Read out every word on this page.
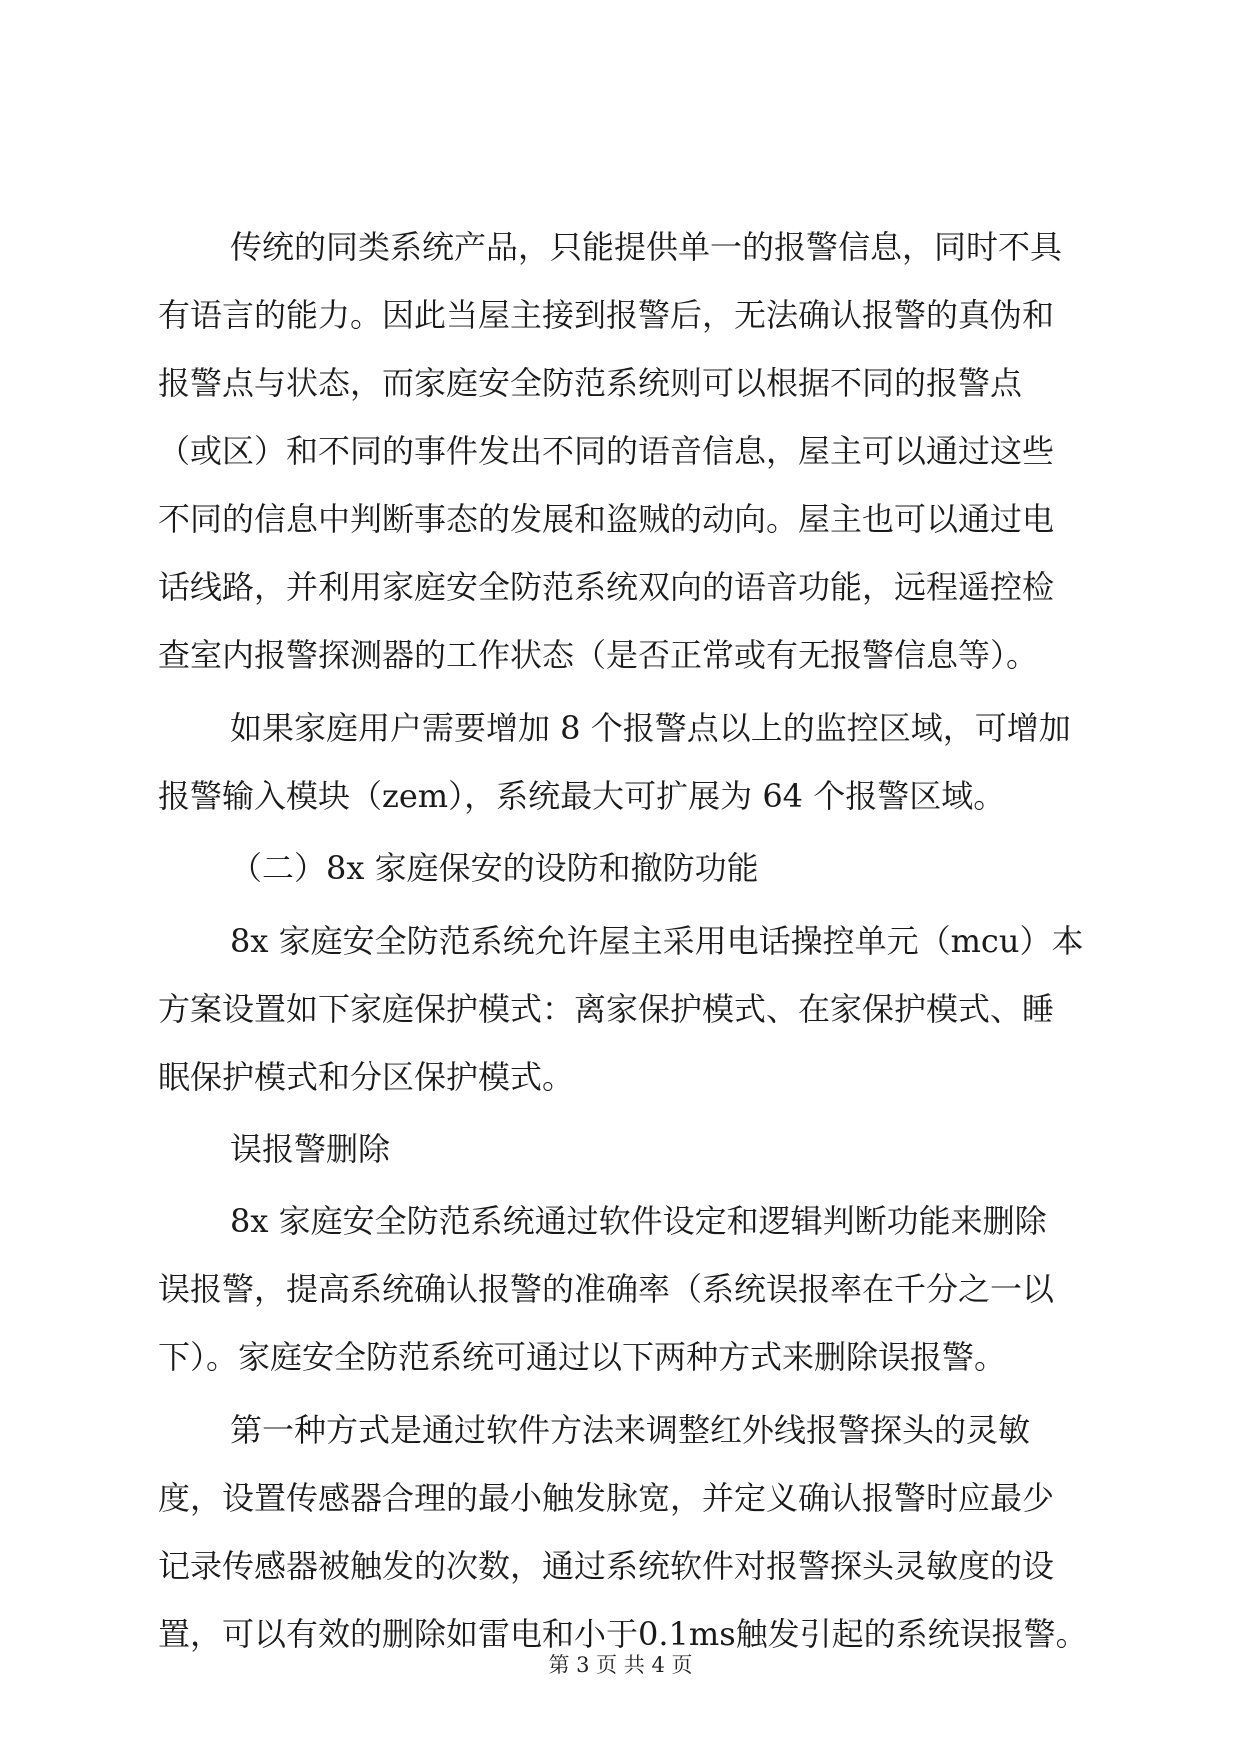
传统的同类系统产品，只能提供单一的报警信息，同时不具
有语言的能力。因此当屋主接到报警后，无法确认报警的真伪和
报警点与状态，而家庭安全防范系统则可以根据不同的报警点
（或区）和不同的事件发出不同的语音信息，屋主可以通过这些
不同的信息中判断事态的发展和盗贼的动向。屋主也可以通过电
话线路，并利用家庭安全防范系统双向的语音功能，远程遥控检
查室内报警探测器的工作状态（是否正常或有无报警信息等）。
如果家庭用户需要增加 8 个报警点以上的监控区域，可增加
报警输入模块（zem），系统最大可扩展为 64 个报警区域。
（二）8x 家庭保安的设防和撤防功能
8x 家庭安全防范系统允许屋主采用电话操控单元（mcu）本
方案设置如下家庭保护模式：离家保护模式、在家保护模式、睡
眠保护模式和分区保护模式。
误报警删除
8x 家庭安全防范系统通过软件设定和逻辑判断功能来删除
误报警，提高系统确认报警的准确率（系统误报率在千分之一以
下）。家庭安全防范系统可通过以下两种方式来删除误报警。
第一种方式是通过软件方法来调整红外线报警探头的灵敏
度，设置传感器合理的最小触发脉宽，并定义确认报警时应最少
记录传感器被触发的次数，通过系统软件对报警探头灵敏度的设
置，可以有效的删除如雷电和小于0.1ms触发引起的系统误报警。
第 3 页 共 4 页
